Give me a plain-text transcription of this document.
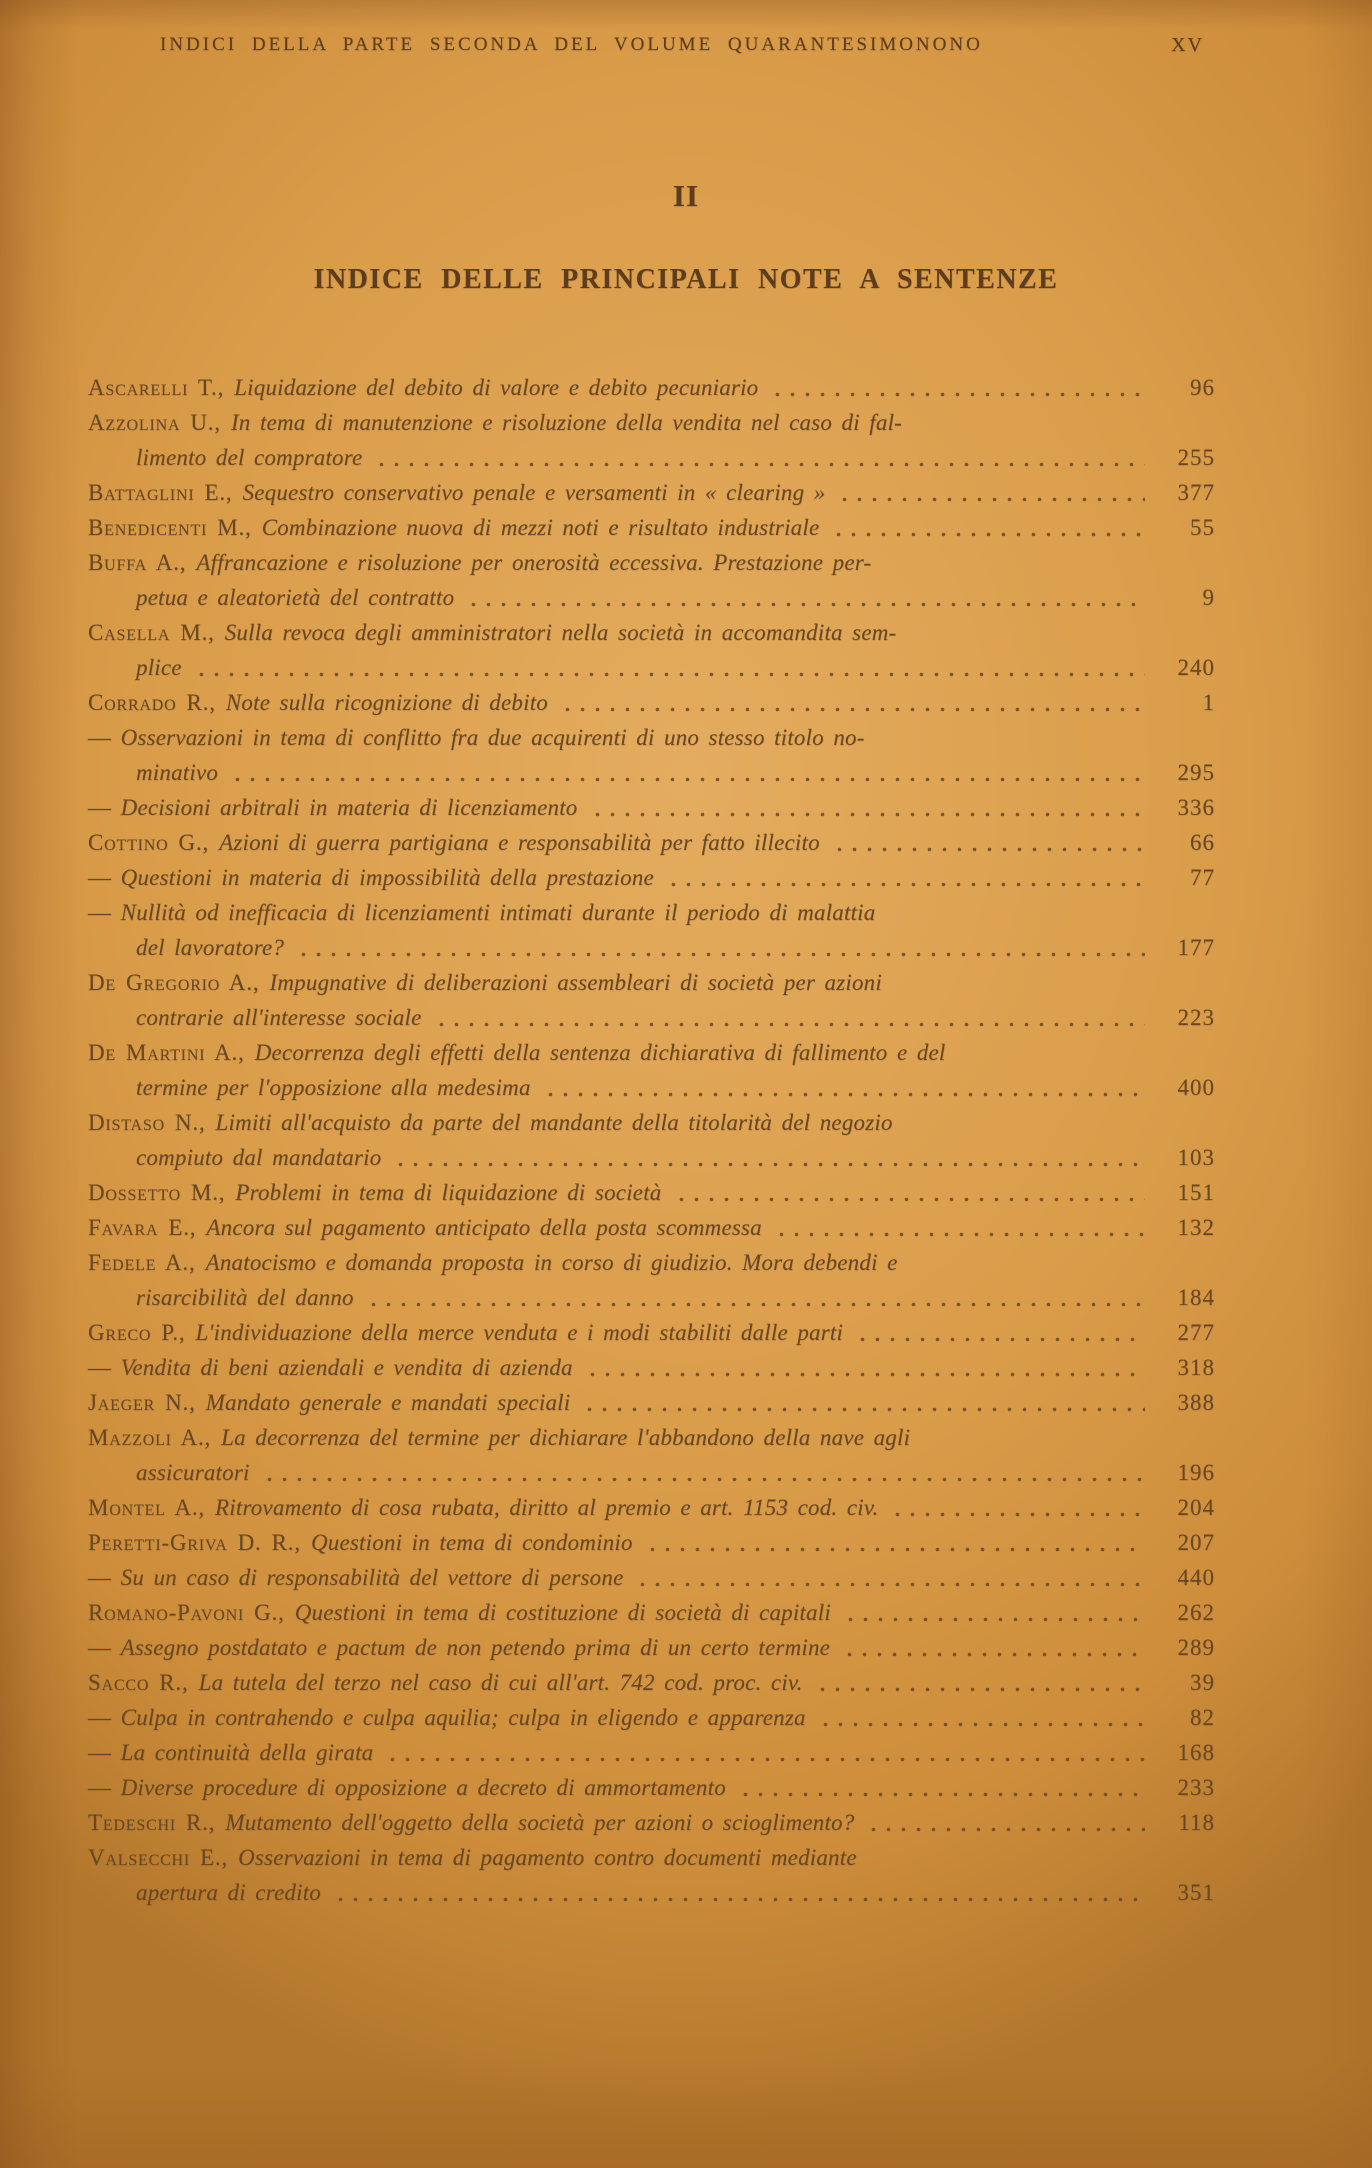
INDICI DELLA PARTE SECONDA DEL VOLUME QUARANTESIMONONO	XV
II
INDICE DELLE PRINCIPALI NOTE A SENTENZE
Ascarelli T., Liquidazione del debito di valore e debito pecuniario	96
Azzolina U., In tema di manutenzione e risoluzione della vendita nel caso di fal-
limento del compratore	255
Battaglini E., Sequestro conservativo penale e versamenti in « clearing »	377
Benedicenti M., Combinazione nuova di mezzi noti e risultato industriale	55
Buffa A., Affrancazione e risoluzione per onerosità eccessiva. Prestazione per-
petua e aleatorietà del contratto	9
Casella M., Sulla revoca degli amministratori nella società in accomandita sem-
plice	240
Corrado R., Note sulla ricognizione di debito	1
— Osservazioni in tema di conflitto fra due acquirenti di uno stesso titolo no-
minativo	295
— Decisioni arbitrali in materia di licenziamento	336
Cottino G., Azioni di guerra partigiana e responsabilità per fatto illecito	66
— Questioni in materia di impossibilità della prestazione	77
— Nullità od inefficacia di licenziamenti intimati durante il periodo di malattia
del lavoratore?	177
De Gregorio A., Impugnative di deliberazioni assembleari di società per azioni
contrarie all'interesse sociale	223
De Martini A., Decorrenza degli effetti della sentenza dichiarativa di fallimento e del
termine per l'opposizione alla medesima	400
Distaso N., Limiti all'acquisto da parte del mandante della titolarità del negozio
compiuto dal mandatario	103
Dossetto M., Problemi in tema di liquidazione di società	151
Favara E., Ancora sul pagamento anticipato della posta scommessa	132
Fedele A., Anatocismo e domanda proposta in corso di giudizio. Mora debendi e
risarcibilità del danno	184
Greco P., L'individuazione della merce venduta e i modi stabiliti dalle parti	277
— Vendita di beni aziendali e vendita di azienda	318
Jaeger N., Mandato generale e mandati speciali	388
Mazzoli A., La decorrenza del termine per dichiarare l'abbandono della nave agli
assicuratori	196
Montel A., Ritrovamento di cosa rubata, diritto al premio e art. 1153 cod. civ.	204
Peretti-Griva D. R., Questioni in tema di condominio	207
— Su un caso di responsabilità del vettore di persone	440
Romano-Pavoni G., Questioni in tema di costituzione di società di capitali	262
— Assegno postdatato e pactum de non petendo prima di un certo termine	289
Sacco R., La tutela del terzo nel caso di cui all'art. 742 cod. proc. civ.	39
— Culpa in contrahendo e culpa aquilia; culpa in eligendo e apparenza	82
— La continuità della girata	168
— Diverse procedure di opposizione a decreto di ammortamento	233
Tedeschi R., Mutamento dell'oggetto della società per azioni o scioglimento?	118
Valsecchi E., Osservazioni in tema di pagamento contro documenti mediante
apertura di credito	351
